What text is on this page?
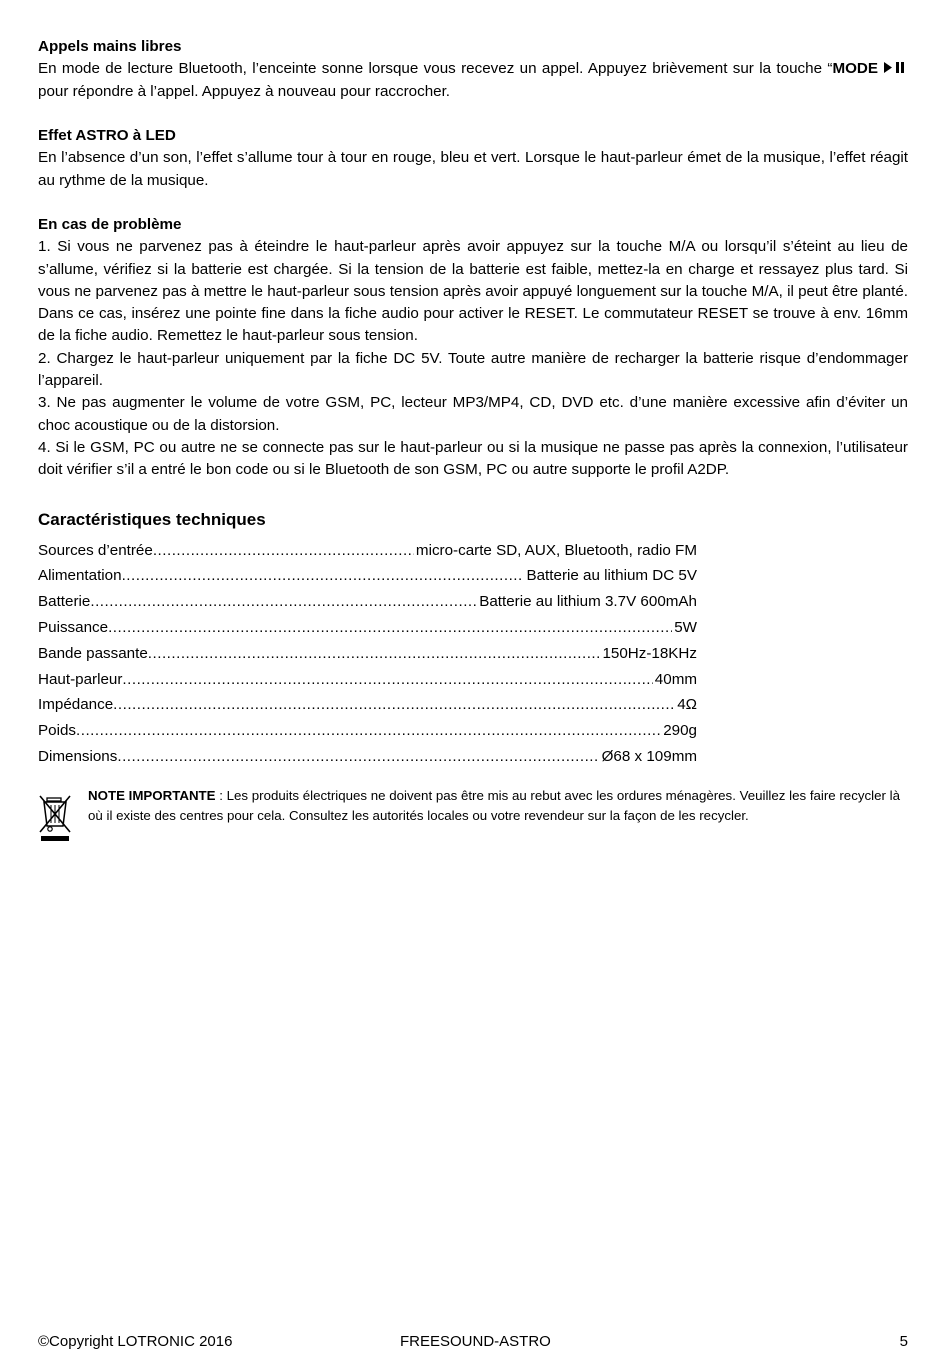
Appels mains libres

En mode de lecture Bluetooth, l’enceinte sonne lorsque vous recevez un appel. Appuyez brièvement sur la touche “MODEpour répondre à l’appel. Appuyez à nouveau pour raccrocher.

Effet ASTRO à LED

En l’absence d’un son, l’effet s’allume tour à tour en rouge, bleu et vert. Lorsque le haut-parleur émet de la musique, l’effet réagit au rythme de la musique.

En cas de problème

1. Si vous ne parvenez pas à éteindre le haut-parleur après avoir appuyez sur la touche M/A ou lorsqu’il s’éteint au lieu de s’allume, vérifiez si la batterie est chargée. Si la tension de la batterie est faible, mettez-la en charge et ressayez plus tard. Si vous ne parvenez pas à mettre le haut-parleur sous tension après avoir appuyé longuement sur la touche M/A, il peut être planté. Dans ce cas, insérez une pointe fine dans la fiche audio pour activer le RESET. Le commutateur RESET se trouve à env. 16mm de la fiche audio. Remettez le haut-parleur sous tension.

2. Chargez le haut-parleur uniquement par la fiche DC 5V. Toute autre manière de recharger la batterie risque d’endommager l’appareil.

3. Ne pas augmenter le volume de votre GSM, PC, lecteur MP3/MP4, CD, DVD etc. d’une manière excessive afin d’éviter un choc acoustique ou de la distorsion.

4. Si le GSM, PC ou autre ne se connecte pas sur le haut-parleur ou si la musique ne passe pas après la connexion, l’utilisateur doit vérifier s’il a entré le bon code ou si le Bluetooth de son GSM, PC ou autre supporte le profil A2DP.

Caractéristiques techniques

Sources d’entrée .....	micro-carte SD, AUX, Bluetooth, radio FM
Alimentation .....	Batterie au lithium DC 5V
Batterie .....	Batterie au lithium 3.7V 600mAh
Puissance .....	5W
Bande passante .....	150Hz-18KHz
Haut-parleur .....	40mm
Impédance .....	4Ω
Poids .....	290g
Dimensions .....	Ø68 x 109mm

NOTE IMPORTANTE : Les produits électriques ne doivent pas être mis au rebut avec les ordures ménagères. Veuillez les faire recycler là où il existe des centres pour cela. Consultez les autorités locales ou votre revendeur sur la façon de les recycler.

©Copyright LOTRONIC 2016	FREESOUND-ASTRO	5
